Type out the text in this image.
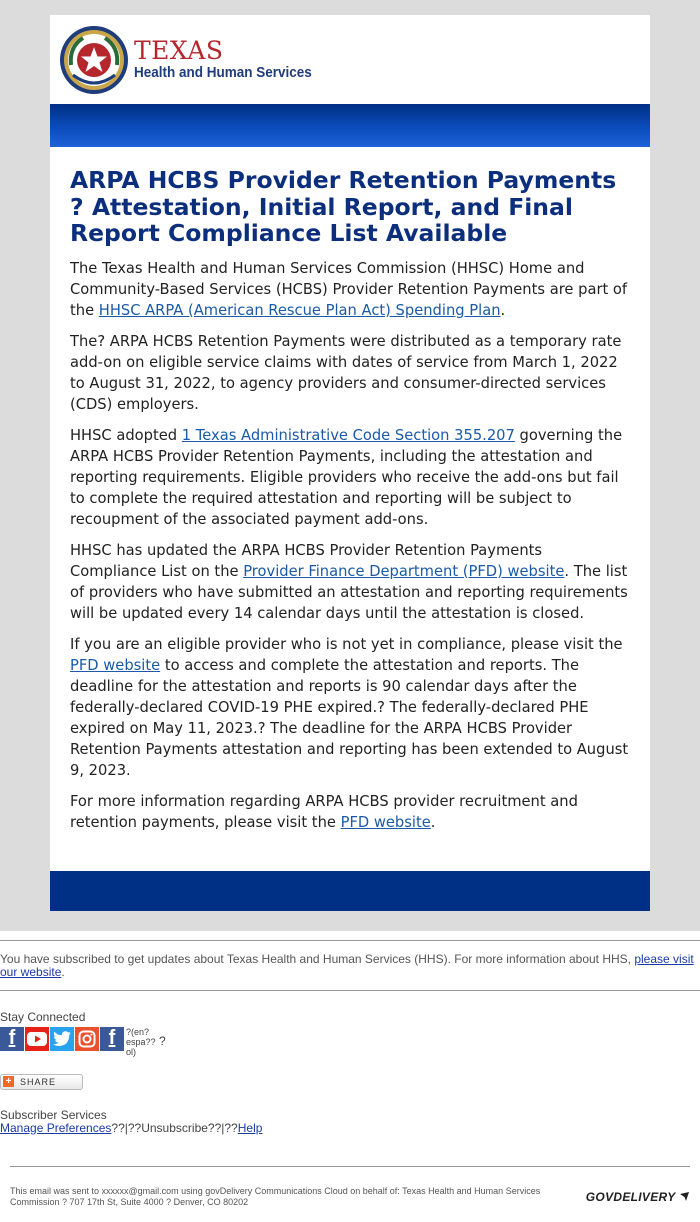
TEXAS
Health and Human Services
ARPA HCBS Provider Retention Payments ? Attestation, Initial Report, and Final Report Compliance List Available

The Texas Health and Human Services Commission (HHSC) Home and Community-Based Services (HCBS) Provider Retention Payments are part of the HHSC ARPA (American Rescue Plan Act) Spending Plan.

The? ARPA HCBS Retention Payments were distributed as a temporary rate add-on on eligible service claims with dates of service from March 1, 2022 to August 31, 2022, to agency providers and consumer-directed services (CDS) employers.

HHSC adopted 1 Texas Administrative Code Section 355.207 governing the ARPA HCBS Provider Retention Payments, including the attestation and reporting requirements. Eligible providers who receive the add-ons but fail to complete the required attestation and reporting will be subject to recoupment of the associated payment add-ons.

HHSC has updated the ARPA HCBS Provider Retention Payments Compliance List on the Provider Finance Department (PFD) website. The list of providers who have submitted an attestation and reporting requirements will be updated every 14 calendar days until the attestation is closed.

If you are an eligible provider who is not yet in compliance, please visit the PFD website to access and complete the attestation and reports. The deadline for the attestation and reports is 90 calendar days after the federally-declared COVID-19 PHE expired.? The federally-declared PHE expired on May 11, 2023.? The deadline for the ARPA HCBS Provider Retention Payments attestation and reporting has been extended to August 9, 2023.

For more information regarding ARPA HCBS provider recruitment and retention payments, please visit the PFD website.

You have subscribed to get updates about Texas Health and Human Services (HHS). For more information about HHS, please visit our website.
Stay Connected
f	f	?(en? espa?? ol)
?
+ SHARE
Subscriber Services
Manage Preferences??|??Unsubscribe??|??Help
This email was sent to xxxxxx@gmail.com using govDelivery Communications Cloud on behalf of: Texas Health and Human Services Commission ? 707 17th St, Suite 4000 ? Denver, CO 80202	GOVDELIVERY
